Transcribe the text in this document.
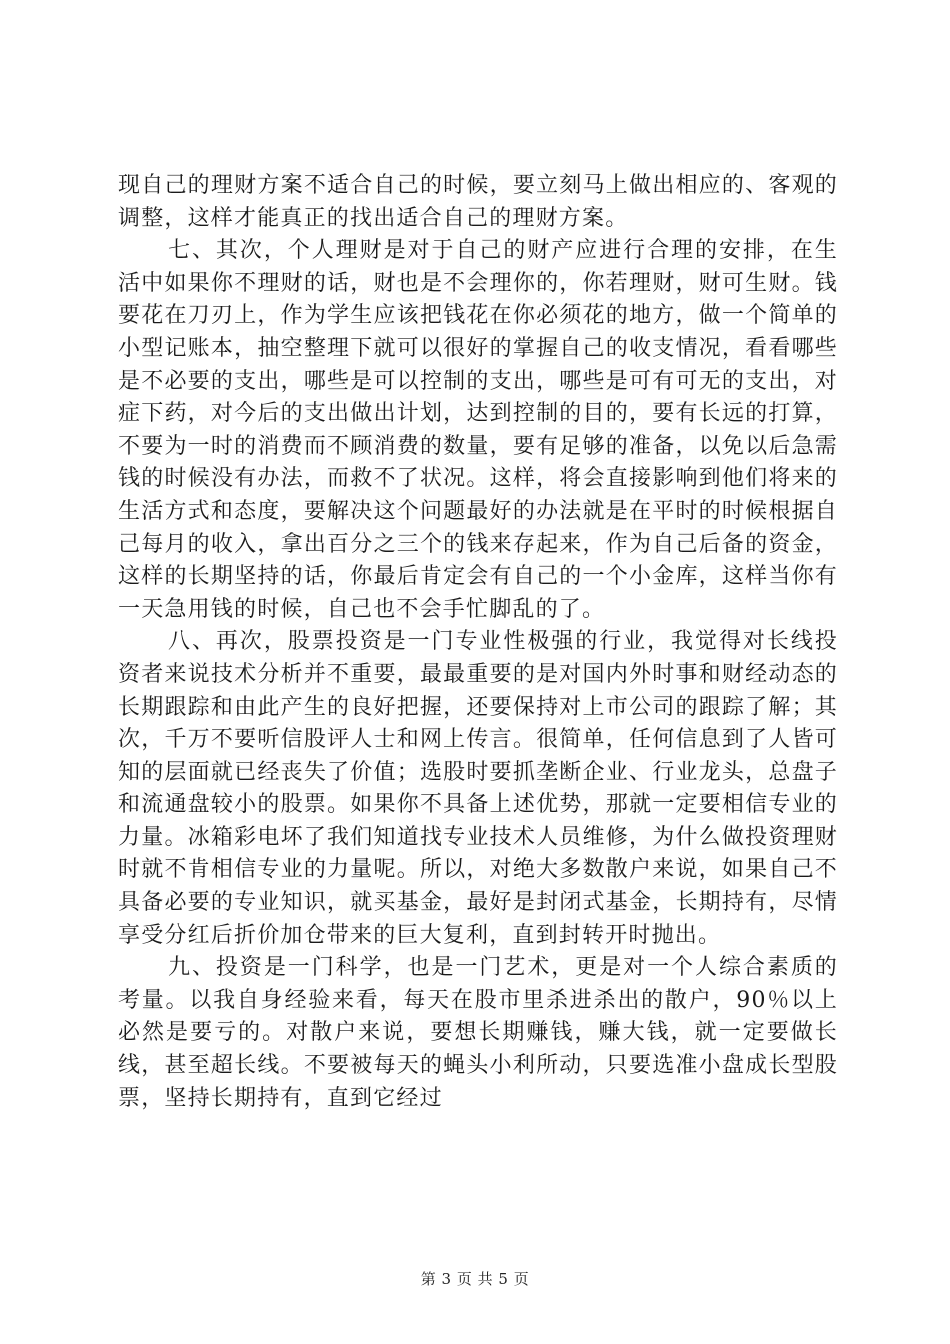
现自己的理财方案不适合自己的时候，要立刻马上做出相应的、客观的调整，这样才能真正的找出适合自己的理财方案。

七、其次，个人理财是对于自己的财产应进行合理的安排，在生活中如果你不理财的话，财也是不会理你的，你若理财，财可生财。钱要花在刀刃上，作为学生应该把钱花在你必须花的地方，做一个简单的小型记账本，抽空整理下就可以很好的掌握自己的收支情况，看看哪些是不必要的支出，哪些是可以控制的支出，哪些是可有可无的支出，对症下药，对今后的支出做出计划，达到控制的目的，要有长远的打算，不要为一时的消费而不顾消费的数量，要有足够的准备，以免以后急需钱的时候没有办法，而救不了状况。这样，将会直接影响到他们将来的生活方式和态度，要解决这个问题最好的办法就是在平时的时候根据自己每月的收入，拿出百分之三个的钱来存起来，作为自己后备的资金，这样的长期坚持的话，你最后肯定会有自己的一个小金库，这样当你有一天急用钱的时候，自己也不会手忙脚乱的了。

八、再次，股票投资是一门专业性极强的行业，我觉得对长线投资者来说技术分析并不重要，最最重要的是对国内外时事和财经动态的长期跟踪和由此产生的良好把握，还要保持对上市公司的跟踪了解；其次，千万不要听信股评人士和网上传言。很简单，任何信息到了人皆可知的层面就已经丧失了价值；选股时要抓垄断企业、行业龙头，总盘子和流通盘较小的股票。如果你不具备上述优势，那就一定要相信专业的力量。冰箱彩电坏了我们知道找专业技术人员维修，为什么做投资理财时就不肯相信专业的力量呢。所以，对绝大多数散户来说，如果自己不具备必要的专业知识，就买基金，最好是封闭式基金，长期持有，尽情享受分红后折价加仓带来的巨大复利，直到封转开时抛出。

九、投资是一门科学，也是一门艺术，更是对一个人综合素质的考量。以我自身经验来看，每天在股市里杀进杀出的散户，90％以上必然是要亏的。对散户来说，要想长期赚钱，赚大钱，就一定要做长线，甚至超长线。不要被每天的蝇头小利所动，只要选准小盘成长型股票，坚持长期持有，直到它经过

第 3 页 共 5 页
